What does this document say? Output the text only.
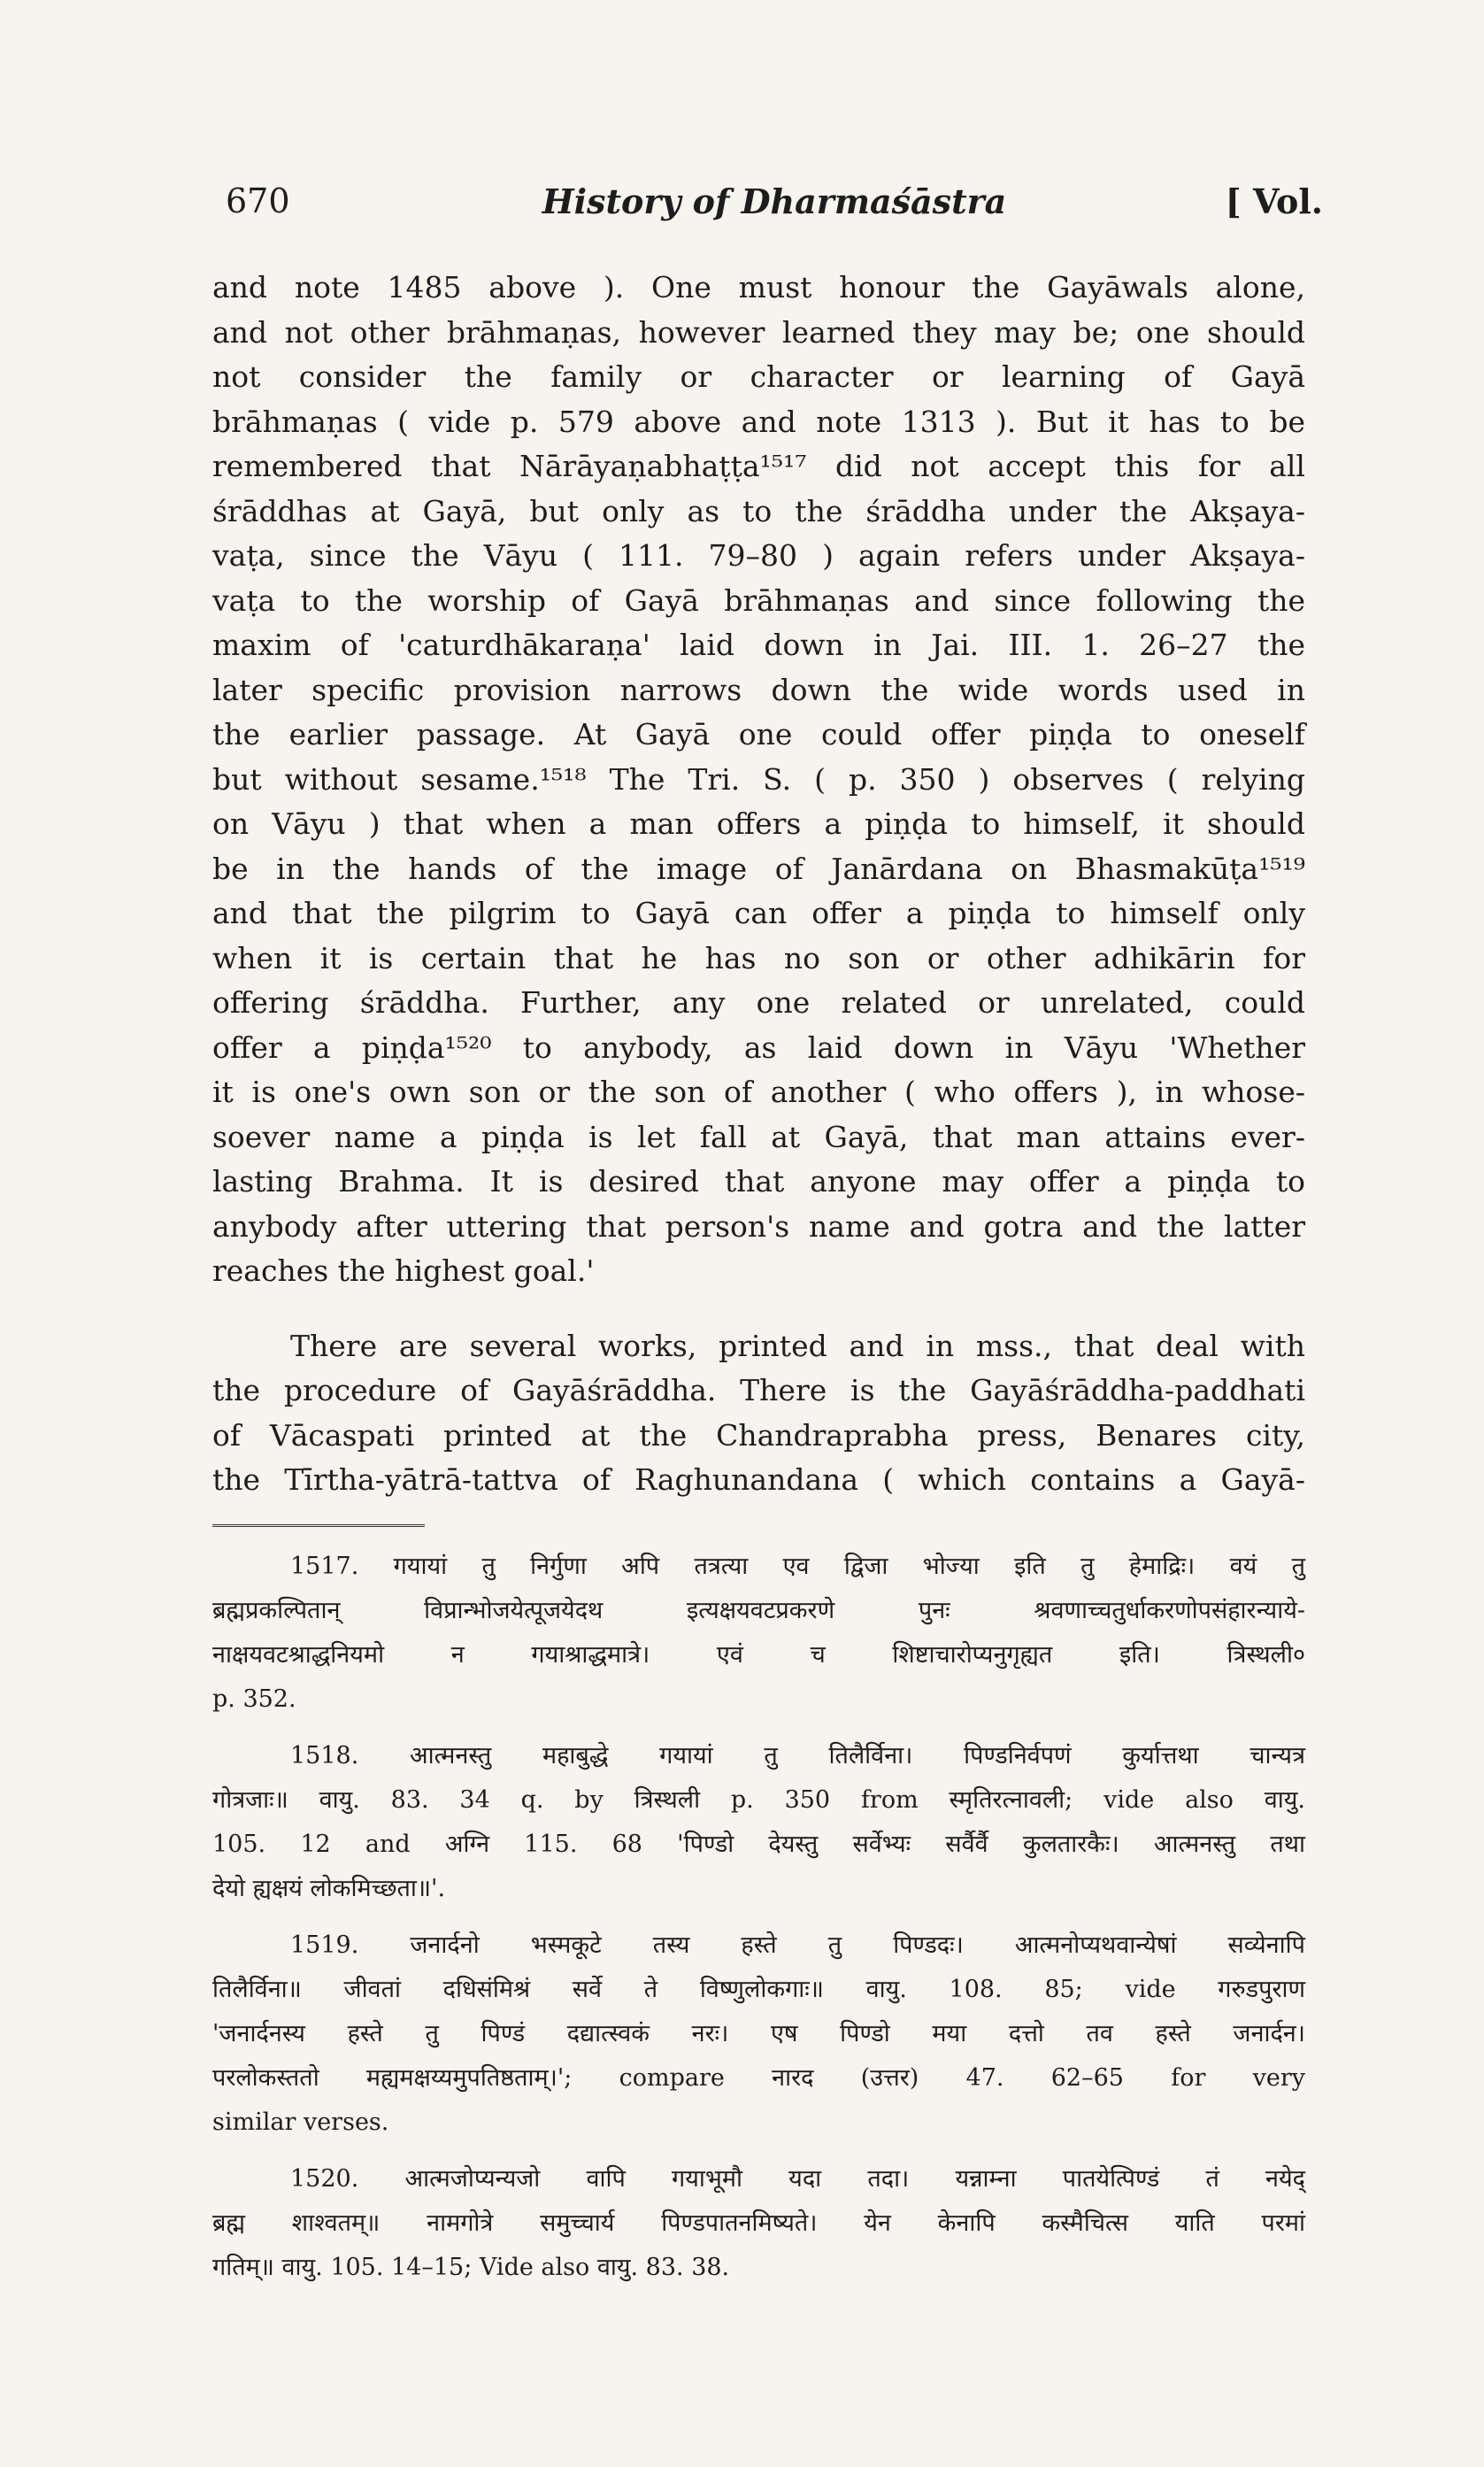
670	History of Dharmaśāstra	[ Vol.
and note 1485 above ). One must honour the Gayāwals alone,
and not other brāhmaṇas, however learned they may be; one should
not consider the family or character or learning of Gayā
brāhmaṇas ( vide p. 579 above and note 1313 ). But it has to be
remembered that Nārāyaṇabhaṭṭa¹⁵¹⁷ did not accept this for all
śrāddhas at Gayā, but only as to the śrāddha under the Akṣaya-
vaṭa, since the Vāyu ( 111. 79–80 ) again refers under Akṣaya-
vaṭa to the worship of Gayā brāhmaṇas and since following the
maxim of 'caturdhākaraṇa' laid down in Jai. III. 1. 26–27 the
later specific provision narrows down the wide words used in
the earlier passage. At Gayā one could offer piṇḍa to oneself
but without sesame.¹⁵¹⁸ The Tri. S. ( p. 350 ) observes ( relying
on Vāyu ) that when a man offers a piṇḍa to himself, it should
be in the hands of the image of Janārdana on Bhasmakūṭa¹⁵¹⁹
and that the pilgrim to Gayā can offer a piṇḍa to himself only
when it is certain that he has no son or other adhikārin for
offering śrāddha. Further, any one related or unrelated, could
offer a piṇḍa¹⁵²⁰ to anybody, as laid down in Vāyu 'Whether
it is one's own son or the son of another ( who offers ), in whose-
soever name a piṇḍa is let fall at Gayā, that man attains ever-
lasting Brahma. It is desired that anyone may offer a piṇḍa to
anybody after uttering that person's name and gotra and the latter
reaches the highest goal.'
There are several works, printed and in mss., that deal with
the procedure of Gayāśrāddha. There is the Gayāśrāddha-paddhati
of Vācaspati printed at the Chandraprabha press, Benares city,
the Tīrtha-yātrā-tattva of Raghunandana ( which contains a Gayā-
1517. गयायां तु निर्गुणा अपि तत्रत्या एव द्विजा भोज्या इति तु हेमाद्रिः। वयं तु
ब्रह्मप्रकल्पितान् विप्रान्भोजयेत्पूजयेदथ इत्यक्षयवटप्रकरणे पुनः श्रवणाच्चतुर्धाकरणोपसंहारन्याये-
नाक्षयवटश्राद्धनियमो न गयाश्राद्धमात्रे। एवं च शिष्टाचारोप्यनुगृह्यत इति। त्रिस्थली०
p. 352.
1518. आत्मनस्तु महाबुद्धे गयायां तु तिलैर्विना। पिण्डनिर्वपणं कुर्यात्तथा चान्यत्र
गोत्रजाः॥ वायु. 83. 34 q. by त्रिस्थली p. 350 from स्मृतिरत्नावली; vide also वायु.
105. 12 and अग्नि 115. 68 'पिण्डो देयस्तु सर्वेभ्यः सर्वैर्वै कुलतारकैः। आत्मनस्तु तथा
देयो ह्यक्षयं लोकमिच्छता॥'.
1519. जनार्दनो भस्मकूटे तस्य हस्ते तु पिण्डदः। आत्मनोप्यथवान्येषां सव्येनापि
तिलैर्विना॥ जीवतां दधिसंमिश्रं सर्वे ते विष्णुलोकगाः॥ वायु. 108. 85; vide गरुडपुराण
'जनार्दनस्य हस्ते तु पिण्डं दद्यात्स्वकं नरः। एष पिण्डो मया दत्तो तव हस्ते जनार्दन।
परलोकस्ततो मह्यमक्षय्यमुपतिष्ठताम्।'; compare नारद (उत्तर) 47. 62–65 for very
similar verses.
1520. आत्मजोप्यन्यजो वापि गयाभूमौ यदा तदा। यन्नाम्ना पातयेत्पिण्डं तं नयेद्
ब्रह्म शाश्वतम्॥ नामगोत्रे समुच्चार्य पिण्डपातनमिष्यते। येन केनापि कस्मैचित्स याति परमां
गतिम्॥ वायु. 105. 14–15; Vide also वायु. 83. 38.
